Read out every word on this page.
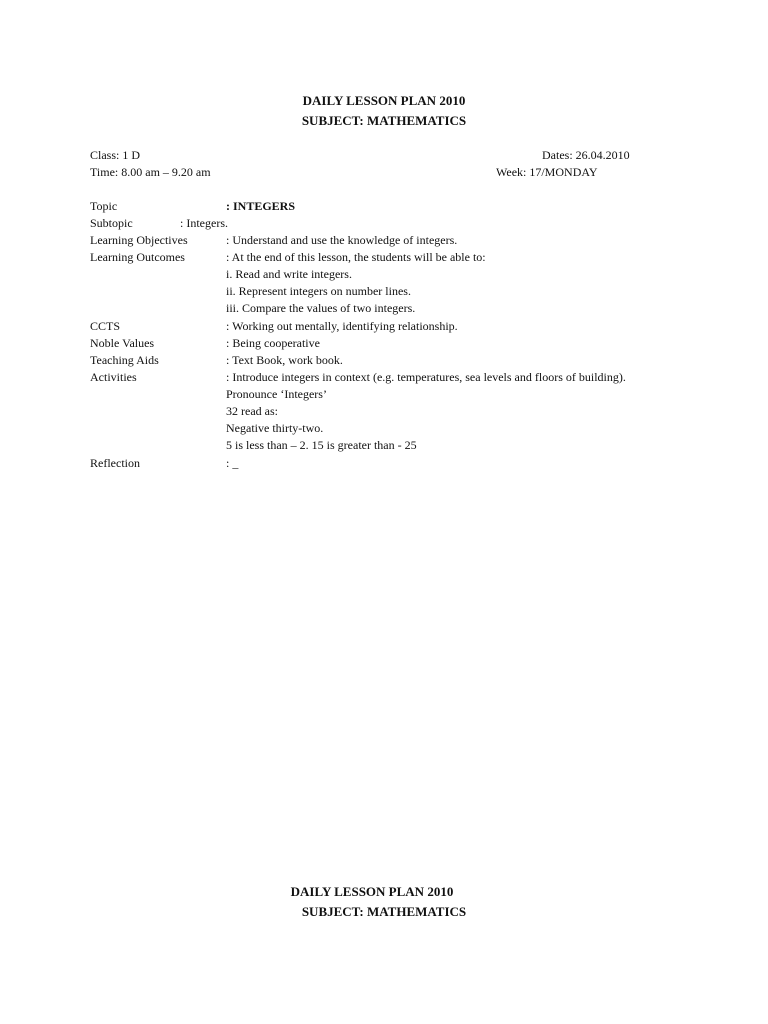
DAILY LESSON PLAN 2010
SUBJECT: MATHEMATICS
Class: 1 D	Dates: 26.04.2010
Time: 8.00 am – 9.20 am	Week: 17/MONDAY
Topic	: INTEGERS
Subtopic	: Integers.
Learning Objectives	: Understand and use the knowledge of integers.
Learning Outcomes	: At the end of this lesson, the students will be able to:
i. Read and write integers.
ii. Represent integers on number lines.
iii. Compare the values of two integers.
CCTS	: Working out mentally, identifying relationship.
Noble Values	: Being cooperative
Teaching Aids	: Text Book, work book.
Activities	: Introduce integers in context (e.g. temperatures, sea levels and floors of building).
Pronounce ‘Integers’
32 read as:
Negative thirty-two.
5 is less than – 2. 15 is greater than - 25
Reflection	: _
DAILY LESSON PLAN 2010
SUBJECT: MATHEMATICS
